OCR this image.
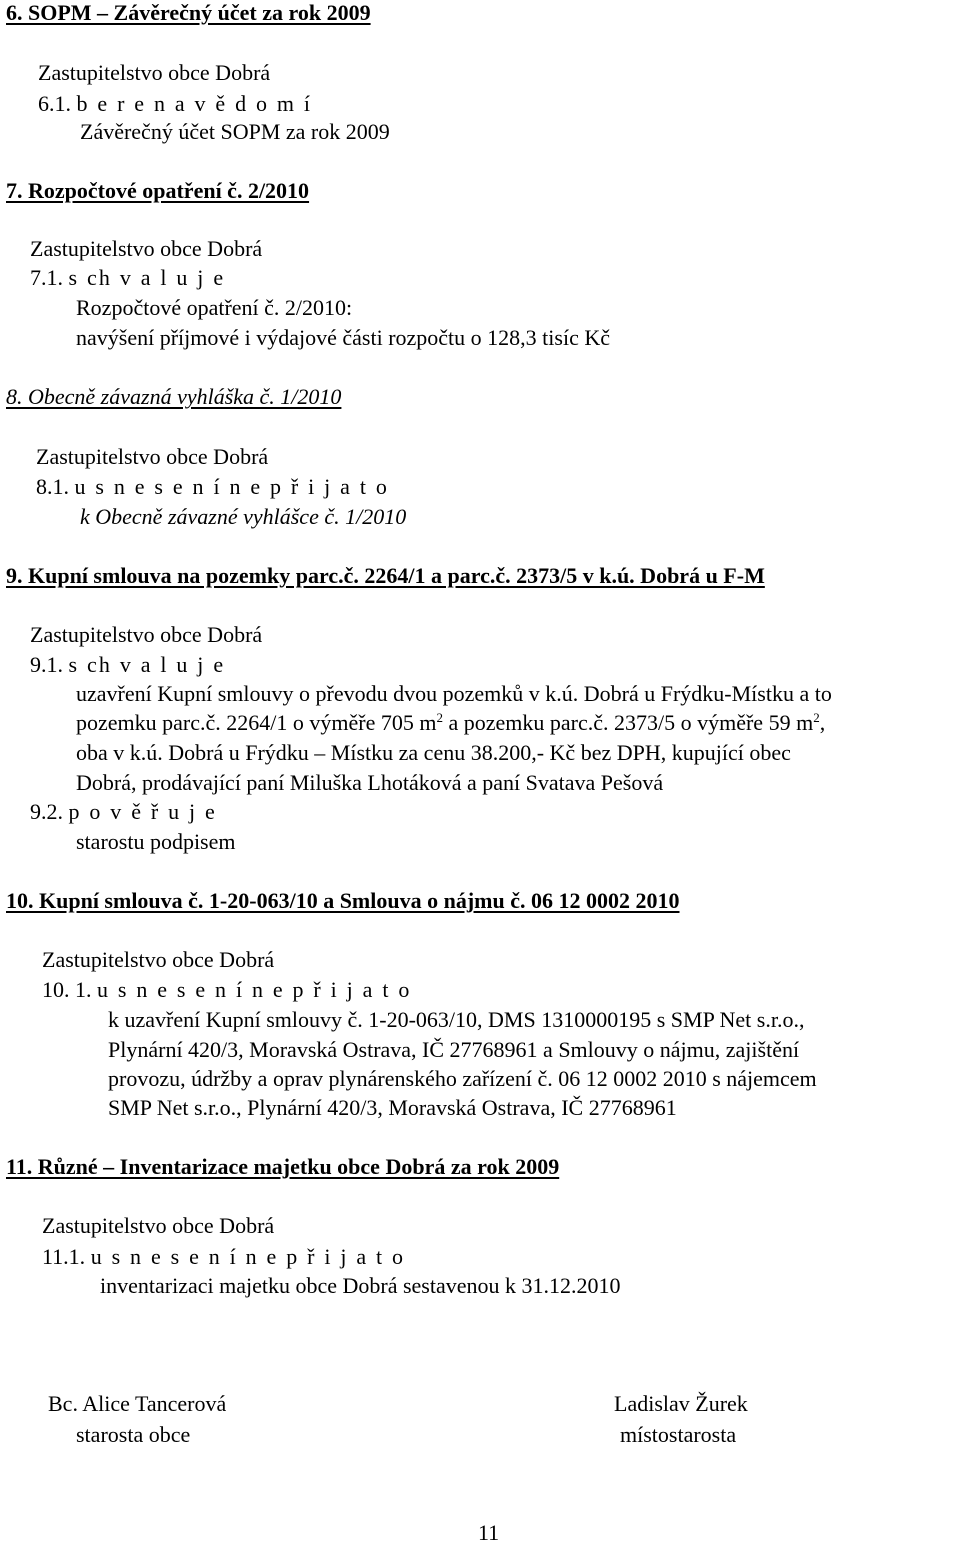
6. SOPM – Závěrečný účet za rok 2009
Zastupitelstvo obce Dobrá
6.1. b e r e n a v ě d o m í
Závěrečný účet SOPM za rok 2009
7. Rozpočtové opatření č. 2/2010
Zastupitelstvo obce Dobrá
7.1. s ch v a l u j e
Rozpočtové opatření č. 2/2010:
navýšení příjmové i výdajové části rozpočtu o 128,3 tisíc Kč
8. Obecně závazná vyhláška č. 1/2010
Zastupitelstvo obce Dobrá
8.1. u s n e s e n í n e p ř i j a t o
k Obecně závazné vyhlášce č. 1/2010
9. Kupní smlouva na pozemky parc.č. 2264/1 a parc.č. 2373/5 v k.ú. Dobrá u F-M
Zastupitelstvo obce Dobrá
9.1. s ch v a l u j e
uzavření Kupní smlouvy o převodu dvou pozemků v k.ú. Dobrá u Frýdku-Místku a to
pozemku parc.č. 2264/1 o výměře 705 $m^2$ a pozemku parc.č. 2373/5 o výměře 59 $m^2$,
oba v k.ú. Dobrá u Frýdku – Místku za cenu 38.200,- Kč bez DPH, kupující obec
Dobrá, prodávající paní Miluška Lhotáková a paní Svatava Pešová
9.2. p o v ě ř u j e
starostu podpisem
10. Kupní smlouva č. 1-20-063/10 a Smlouva o nájmu č. 06 12 0002 2010
Zastupitelstvo obce Dobrá
10. 1. u s n e s e n í n e p ř i j a t o
k uzavření Kupní smlouvy č. 1-20-063/10, DMS 1310000195 s SMP Net s.r.o.,
Plynární 420/3, Moravská Ostrava, IČ 27768961 a Smlouvy o nájmu, zajištění
provozu, údržby a oprav plynárenského zařízení č. 06 12 0002 2010 s nájemcem
SMP Net s.r.o., Plynární 420/3, Moravská Ostrava, IČ 27768961
11. Různé – Inventarizace majetku obce Dobrá za rok 2009
Zastupitelstvo obce Dobrá
11.1. u s n e s e n í n e p ř i j a t o
inventarizaci majetku obce Dobrá sestavenou k 31.12.2010
Bc. Alice Tancerová
starosta obce
Ladislav Žurek
místostarosta
11
